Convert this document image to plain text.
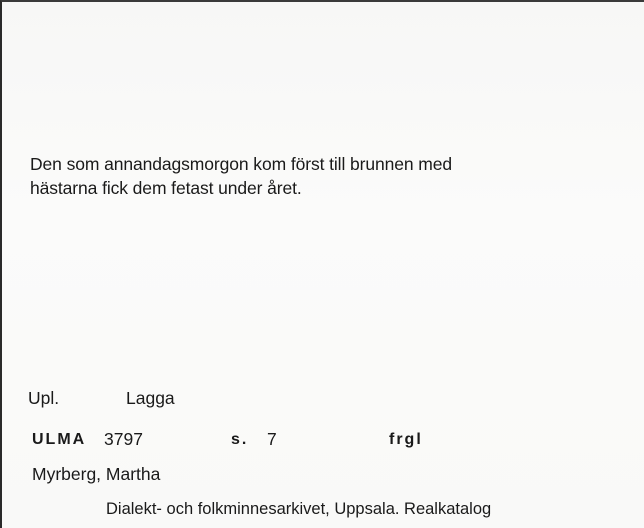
Den som annandagsmorgon kom först till brunnen med
hästarna fick dem fetast under året.
Upl.	Lagga
ULMA 3797	s. 7	frgl
Myrberg, Martha
Dialekt- och folkminnesarkivet, Uppsala. Realkatalog
